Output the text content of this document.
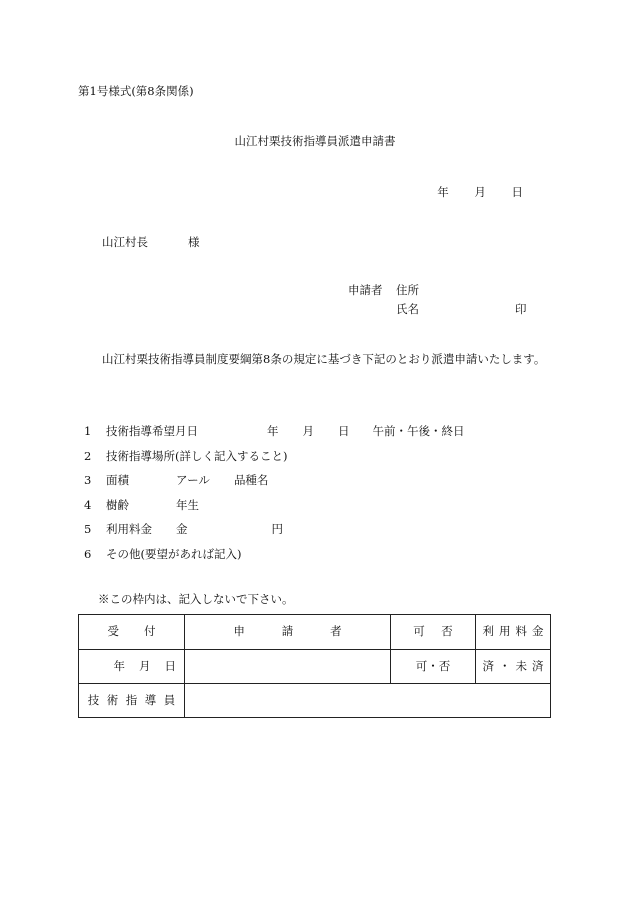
第1号様式(第8条関係)
山江村栗技術指導員派遣申請書
年 月 日
山江村長	様
申請者 住所
氏名	印
山江村栗技術指導員制度要綱第8条の規定に基づき下記のとおり派遣申請いたします。
1	技術指導希望月日	年 月 日 午前・午後・終日
2	技術指導場所(詳しく記入すること)
3	面積	アール 品種名
4	樹齢	年生
5	利用料金 金	円
6	その他(要望があれば記入)
※この枠内は、記入しないで下さい。
受 付	申 請 者	可 否	利 用 料 金

年 月 日		可・否	済 ・ 未 済

技 術 指 導 員			
